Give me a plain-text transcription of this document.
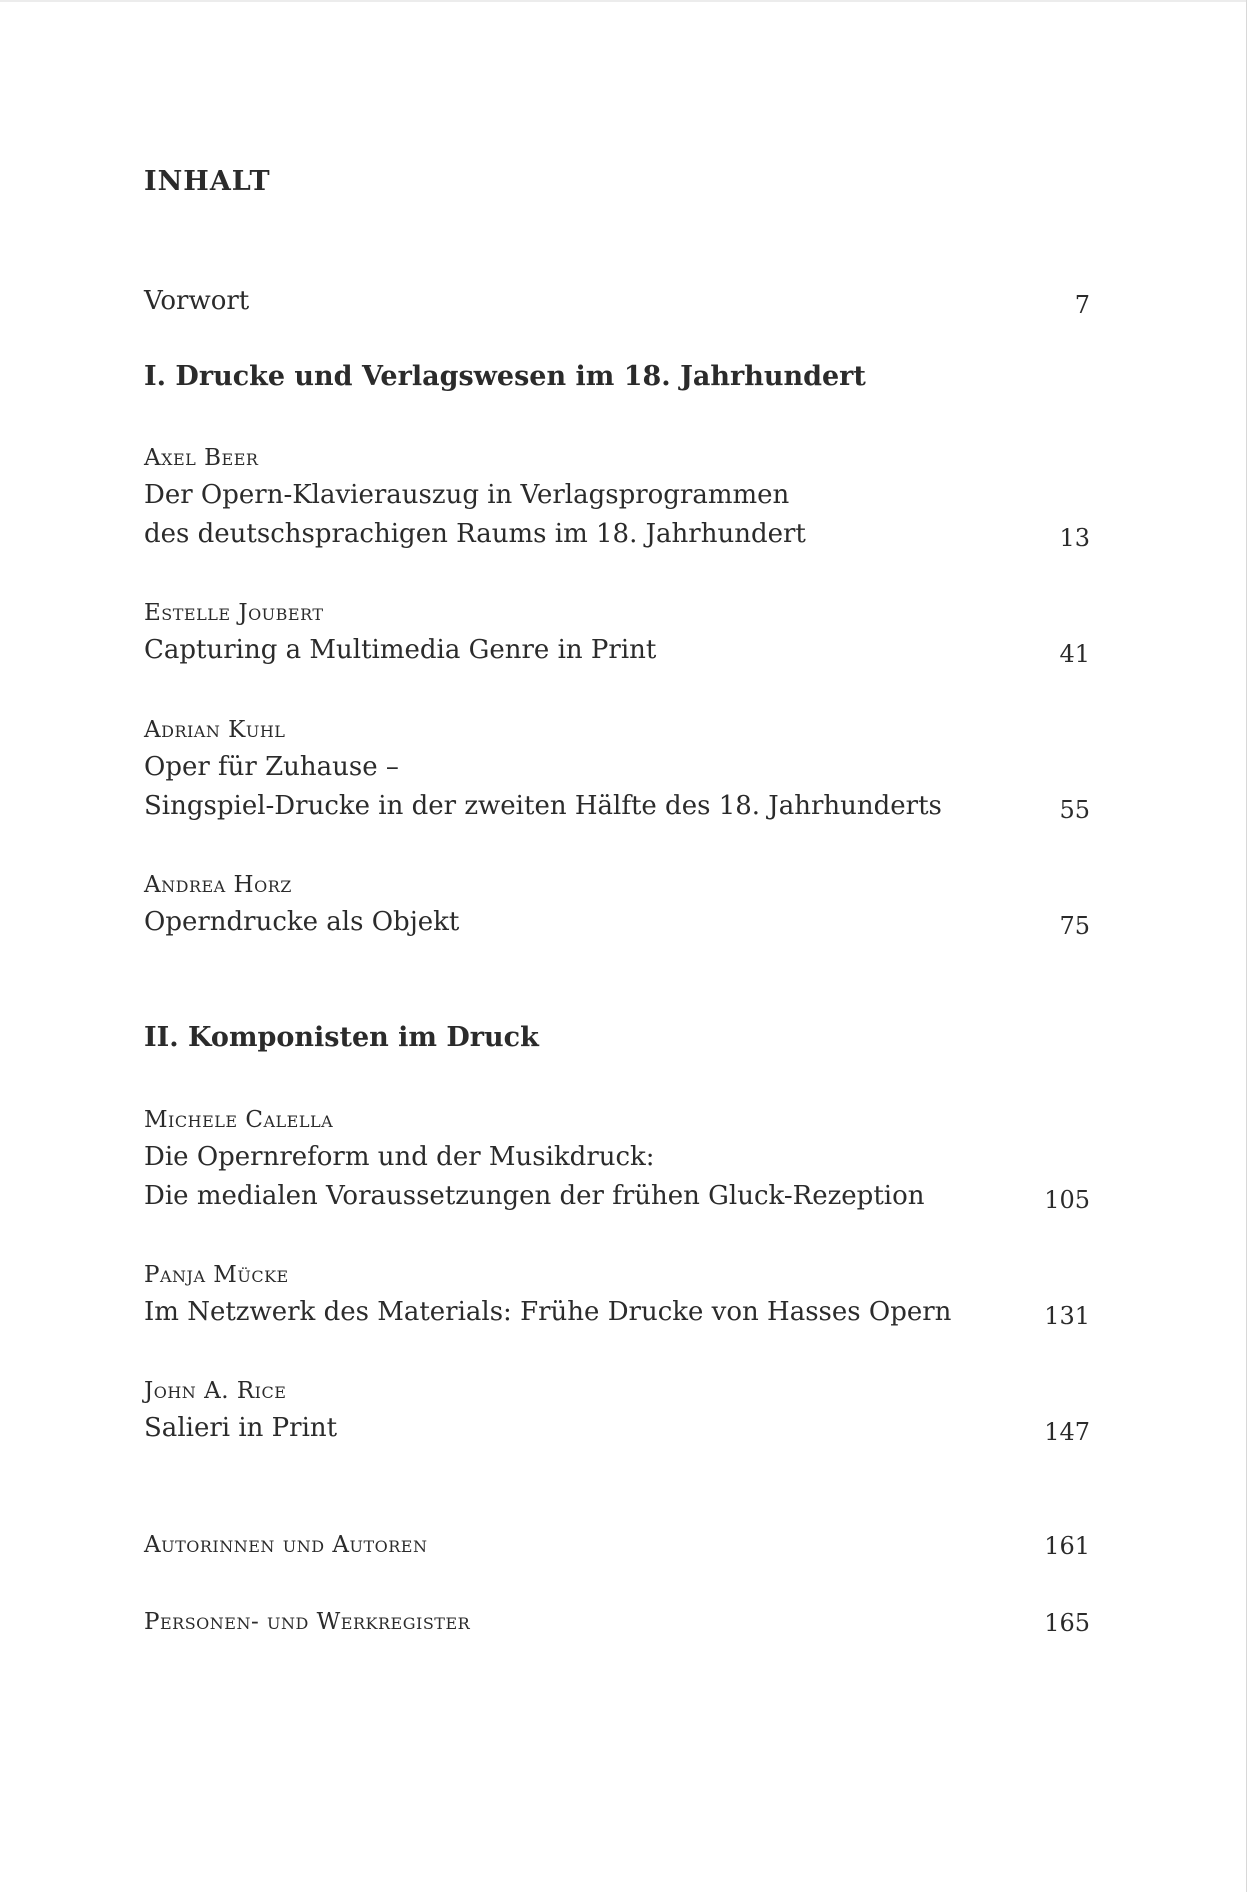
INHALT
Vorwort	7
I. Drucke und Verlagswesen im 18. Jahrhundert
Axel Beer
Der Opern-Klavierauszug in Verlagsprogrammen
des deutschsprachigen Raums im 18. Jahrhundert	13
Estelle Joubert
Capturing a Multimedia Genre in Print	41
Adrian Kuhl
Oper für Zuhause –
Singspiel-Drucke in der zweiten Hälfte des 18. Jahrhunderts	55
Andrea Horz
Operndrucke als Objekt	75
II. Komponisten im Druck
Michele Calella
Die Opernreform und der Musikdruck:
Die medialen Voraussetzungen der frühen Gluck-Rezeption	105
Panja Mücke
Im Netzwerk des Materials: Frühe Drucke von Hasses Opern	131
John A. Rice
Salieri in Print	147
Autorinnen und Autoren	161
Personen- und Werkregister	165
